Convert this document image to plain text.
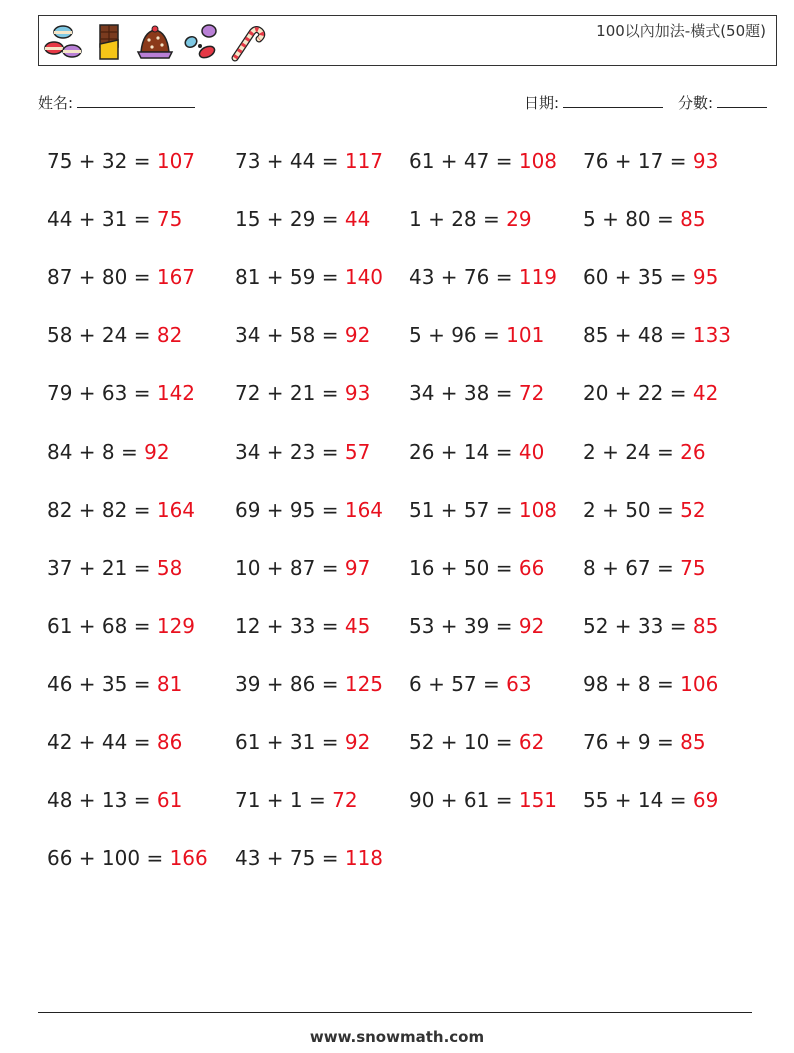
100以內加法-橫式(50題)
姓名:	日期:	分數:
75 + 32 = 107 73 + 44 = 117 61 + 47 = 108 76 + 17 = 93
44 + 31 = 75	15 + 29 = 44 1 + 28 = 29	5 + 80 = 85
87 + 80 = 167 81 + 59 = 140 43 + 76 = 119 60 + 35 = 95
58 + 24 = 82	34 + 58 = 92 5 + 96 = 101 85 + 48 = 133
79 + 63 = 142 72 + 21 = 93 34 + 38 = 72 20 + 22 = 42
84 + 8 = 92	34 + 23 = 57 26 + 14 = 40 2 + 24 = 26
82 + 82 = 164 69 + 95 = 164 51 + 57 = 108 2 + 50 = 52
37 + 21 = 58	10 + 87 = 97 16 + 50 = 66 8 + 67 = 75
61 + 68 = 129 12 + 33 = 45 53 + 39 = 92 52 + 33 = 85
46 + 35 = 81	39 + 86 = 125 6 + 57 = 63	98 + 8 = 106
42 + 44 = 86	61 + 31 = 92 52 + 10 = 62 76 + 9 = 85
48 + 13 = 61	71 + 1 = 72	90 + 61 = 151 55 + 14 = 69
66 + 100 = 166 43 + 75 = 118
www.snowmath.com
